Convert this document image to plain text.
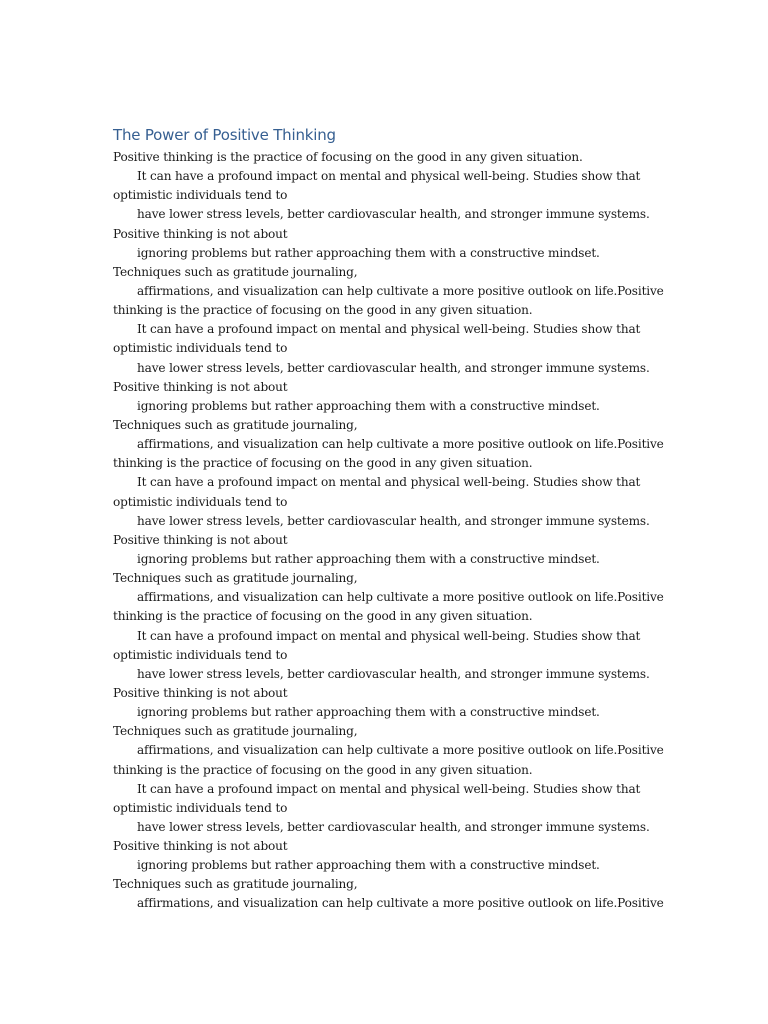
The Power of Positive Thinking
Positive thinking is the practice of focusing on the good in any given situation.
It can have a profound impact on mental and physical well-being. Studies show that
optimistic individuals tend to
have lower stress levels, better cardiovascular health, and stronger immune systems.
Positive thinking is not about
ignoring problems but rather approaching them with a constructive mindset.
Techniques such as gratitude journaling,
affirmations, and visualization can help cultivate a more positive outlook on life.Positive
thinking is the practice of focusing on the good in any given situation.
It can have a profound impact on mental and physical well-being. Studies show that
optimistic individuals tend to
have lower stress levels, better cardiovascular health, and stronger immune systems.
Positive thinking is not about
ignoring problems but rather approaching them with a constructive mindset.
Techniques such as gratitude journaling,
affirmations, and visualization can help cultivate a more positive outlook on life.Positive
thinking is the practice of focusing on the good in any given situation.
It can have a profound impact on mental and physical well-being. Studies show that
optimistic individuals tend to
have lower stress levels, better cardiovascular health, and stronger immune systems.
Positive thinking is not about
ignoring problems but rather approaching them with a constructive mindset.
Techniques such as gratitude journaling,
affirmations, and visualization can help cultivate a more positive outlook on life.Positive
thinking is the practice of focusing on the good in any given situation.
It can have a profound impact on mental and physical well-being. Studies show that
optimistic individuals tend to
have lower stress levels, better cardiovascular health, and stronger immune systems.
Positive thinking is not about
ignoring problems but rather approaching them with a constructive mindset.
Techniques such as gratitude journaling,
affirmations, and visualization can help cultivate a more positive outlook on life.Positive
thinking is the practice of focusing on the good in any given situation.
It can have a profound impact on mental and physical well-being. Studies show that
optimistic individuals tend to
have lower stress levels, better cardiovascular health, and stronger immune systems.
Positive thinking is not about
ignoring problems but rather approaching them with a constructive mindset.
Techniques such as gratitude journaling,
affirmations, and visualization can help cultivate a more positive outlook on life.Positive
